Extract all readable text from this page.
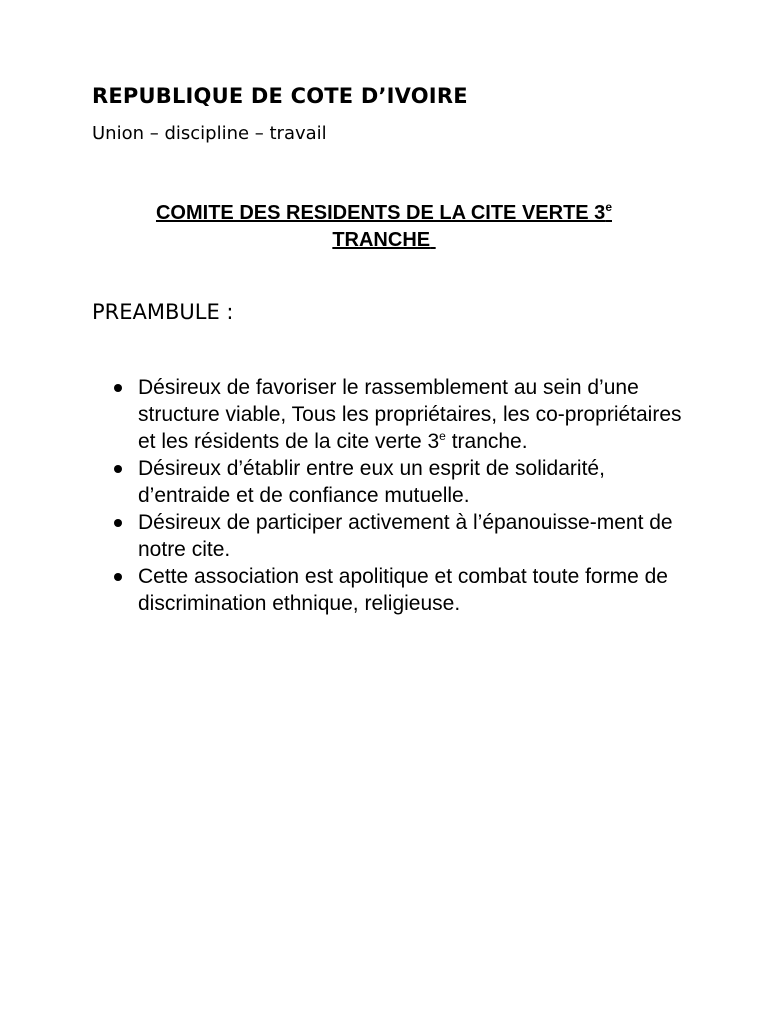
REPUBLIQUE DE COTE D’IVOIRE

Union – discipline – travail

COMITE DES RESIDENTS DE LA CITE VERTE 3e
TRANCHE

PREAMBULE :

Désireux de favoriser le rassemblement au sein d’une structure viable, Tous les propriétaires, les co-propriétaires et les résidents de la cite verte 3e tranche.
Désireux d’établir entre eux un esprit de solidarité, d’entraide et de confiance mutuelle.
Désireux de participer activement à l’épanouisse-ment de notre cite.
Cette association est apolitique et combat toute forme de discrimination ethnique, religieuse.
